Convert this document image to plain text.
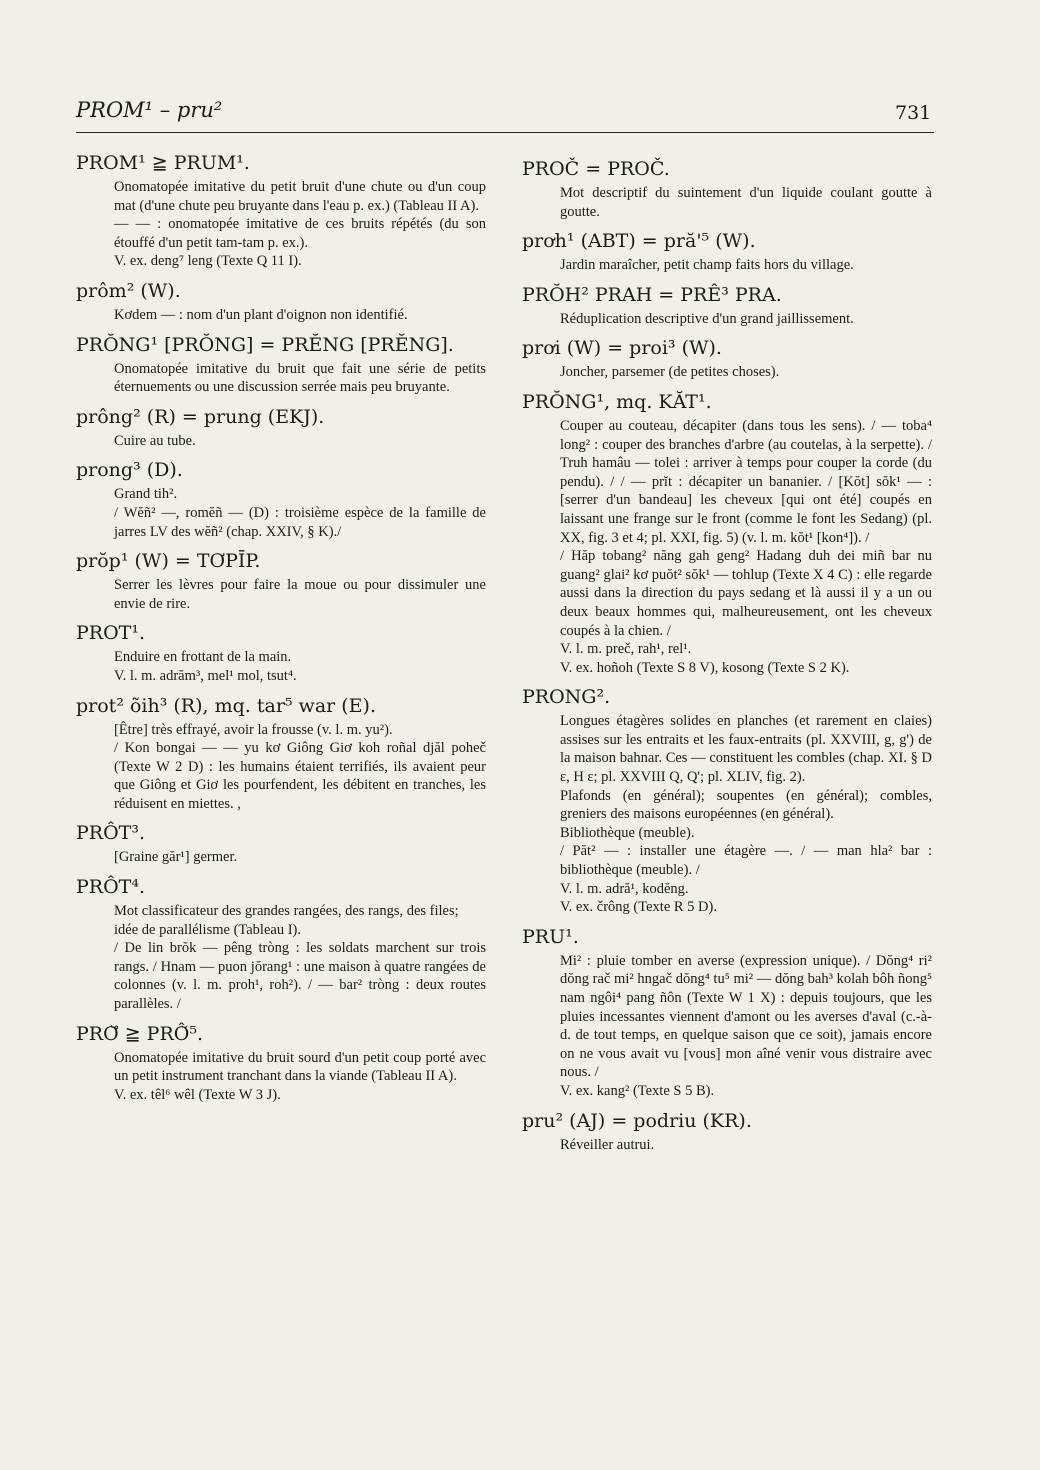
PROM¹ – pru²	731
PROM¹ ≧ PRUM¹.

Onomatopée imitative du petit bruit d'une chute ou d'un coup mat (d'une chute peu bruyante dans l'eau p. ex.) (Tableau II A).

— — : onomatopée imitative de ces bruits répétés (du son étouffé d'un petit tam-tam p. ex.).

V. ex. deng⁷ leng (Texte Q 11 I).

prôm² (W).

Kơdem — : nom d'un plant d'oignon non identifié.

PRŎNG¹ [PRŎNG] = PRĔNG [PRĔNG].

Onomatopée imitative du bruit que fait une série de petits éternuements ou une discussion serrée mais peu bruyante.

prông² (R) = prung (EKJ).

Cuire au tube.

prong³ (D).

Grand tih².

/ Wĕñ² —, romĕñ — (D) : troisième espèce de la famille de jarres LV des wĕñ² (chap. XXIV, § K)./

prŏp¹ (W) = TƠPĪP.

Serrer les lèvres pour faire la moue ou pour dissimuler une envie de rire.

PROT¹.

Enduire en frottant de la main.

V. l. m. adrăm³, mel¹ mol, tsut⁴.

prot² õih³ (R), mq. tar⁵ war (E).

[Être] très effrayé, avoir la frousse (v. l. m. yu²).

/ Kon bongai — — yu kơ Giông Giơ koh roñal djăl poheč (Texte W 2 D) : les humains étaient terrifiés, ils avaient peur que Giông et Giơ les pourfendent, les débitent en tranches, les réduisent en miettes. ,

PRÔT³.

[Graine găr¹] germer.

PRÔT⁴.

Mot classificateur des grandes rangées, des rangs, des files;

idée de parallélisme (Tableau I).

/ De lin brŏk — pêng tròng : les soldats marchent sur trois rangs. / Hnam — puon jŏrang¹ : une maison à quatre rangées de colonnes (v. l. m. proh¹, roh²). / — bar² tròng : deux routes parallèles. /

PRƠ̆ ≧ PRÔ̆⁵.

Onomatopée imitative du bruit sourd d'un petit coup porté avec un petit instrument tranchant dans la viande (Tableau II A).

V. ex. têl⁶ wêl (Texte W 3 J).

PROČ = PROČ.

Mot descriptif du suintement d'un liquide coulant goutte à goutte.

prơh¹ (ABT) = pră'⁵ (W).

Jardin maraîcher, petit champ faits hors du village.

PRŎH² PRAH = PRÊ³ PRA.

Réduplication descriptive d'un grand jaillissement.

prơi (W) = proi³ (W).

Joncher, parsemer (de petites choses).

PRŎNG¹, mq. KĂT¹.

Couper au couteau, décapiter (dans tous les sens). / — toba⁴ long² : couper des branches d'arbre (au coutelas, à la serpette). / Truh hamâu — tolei : arriver à temps pour couper la corde (du pendu). / / — prĭt : décapiter un bananier. / [Kŏt] sŏk¹ — : [serrer d'un bandeau] les cheveux [qui ont été] coupés en laissant une frange sur le front (comme le font les Sedang) (pl. XX, fig. 3 et 4; pl. XXI, fig. 5) (v. l. m. kŏt¹ [kon⁴]). /

/ Hăp tobang² năng gah geng² Hadang duh dei miñ bar nu guang² glai² kơ puŏt² sŏk¹ — tohlup (Texte X 4 C) : elle regarde aussi dans la direction du pays sedang et là aussi il y a un ou deux beaux hommes qui, malheureusement, ont les cheveux coupés à la chien. /

V. l. m. preč, rah¹, rel¹.

V. ex. hoñoh (Texte S 8 V), kosong (Texte S 2 K).

PRONG².

Longues étagères solides en planches (et rarement en claies) assises sur les entraits et les faux-entraits (pl. XXVIII, g, g') de la maison bahnar. Ces — constituent les combles (chap. XI. § D ε, H ε; pl. XXVIII Q, Q'; pl. XLIV, fig. 2).

Plafonds (en général); soupentes (en général); combles, greniers des maisons européennes (en général).

Bibliothèque (meuble).

/ Păt² — : installer une étagère —. / — man hla² bar : bibliothèque (meuble). /

V. l. m. adră¹, kodĕng.

V. ex. črông (Texte R 5 D).

PRU¹.

Mi² : pluie tomber en averse (expression unique). / Dŏng⁴ ri² dŏng rač mi² hngač dŏng⁴ tu⁵ mi² — dŏng bah³ kolah bôh ñong⁵ nam ngôi⁴ pang ñôn (Texte W 1 X) : depuis toujours, que les pluies incessantes viennent d'amont ou les averses d'aval (c.-à-d. de tout temps, en quelque saison que ce soit), jamais encore on ne vous avait vu [vous] mon aîné venir vous distraire avec nous. /

V. ex. kang² (Texte S 5 B).

pru² (AJ) = podriu (KR).

Réveiller autrui.
